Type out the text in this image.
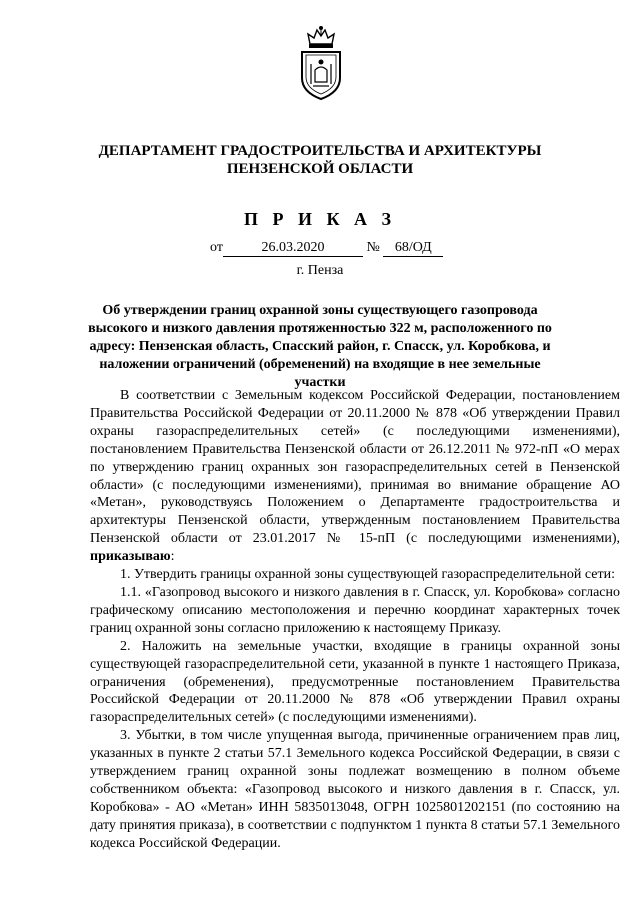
ДЕПАРТАМЕНТ ГРАДОСТРОИТЕЛЬСТВА И АРХИТЕКТУРЫ
ПЕНЗЕНСКОЙ ОБЛАСТИ
П Р И К А З
от	26.03.2020	№ 68/ОД
г. Пенза
Об утверждении границ охранной зоны существующего газопровода высокого и низкого давления протяженностью 322 м, расположенного по адресу: Пензенская область, Спасский район, г. Спасск, ул. Коробкова, и наложении ограничений (обременений) на входящие в нее земельные участки

В соответствии с Земельным кодексом Российской Федерации, постановлением Правительства Российской Федерации от 20.11.2000 № 878 «Об утверждении Правил охраны газораспределительных сетей» (с последующими изменениями), постановлением Правительства Пензенской области от 26.12.2011 № 972-пП «О мерах по утверждению границ охранных зон газораспределительных сетей в Пензенской области» (с последующими изменениями), принимая во внимание обращение АО «Метан», руководствуясь Положением о Департаменте градостроительства и архитектуры Пензенской области, утвержденным постановлением Правительства Пензенской области от 23.01.2017 № 15-пП (с последующими изменениями), приказываю:

1. Утвердить границы охранной зоны существующей газораспределительной сети:

1.1. «Газопровод высокого и низкого давления в г. Спасск, ул. Коробкова» согласно графическому описанию местоположения и перечню координат характерных точек границ охранной зоны согласно приложению к настоящему Приказу.

2. Наложить на земельные участки, входящие в границы охранной зоны существующей газораспределительной сети, указанной в пункте 1 настоящего Приказа, ограничения (обременения), предусмотренные постановлением Правительства Российской Федерации от 20.11.2000 № 878 «Об утверждении Правил охраны газораспределительных сетей» (с последующими изменениями).

3. Убытки, в том числе упущенная выгода, причиненные ограничением прав лиц, указанных в пункте 2 статьи 57.1 Земельного кодекса Российской Федерации, в связи с утверждением границ охранной зоны подлежат возмещению в полном объеме собственником объекта: «Газопровод высокого и низкого давления в г. Спасск, ул. Коробкова» - АО «Метан» ИНН 5835013048, ОГРН 1025801202151 (по состоянию на дату принятия приказа), в соответствии с подпунктом 1 пункта 8 статьи 57.1 Земельного кодекса Российской Федерации.
